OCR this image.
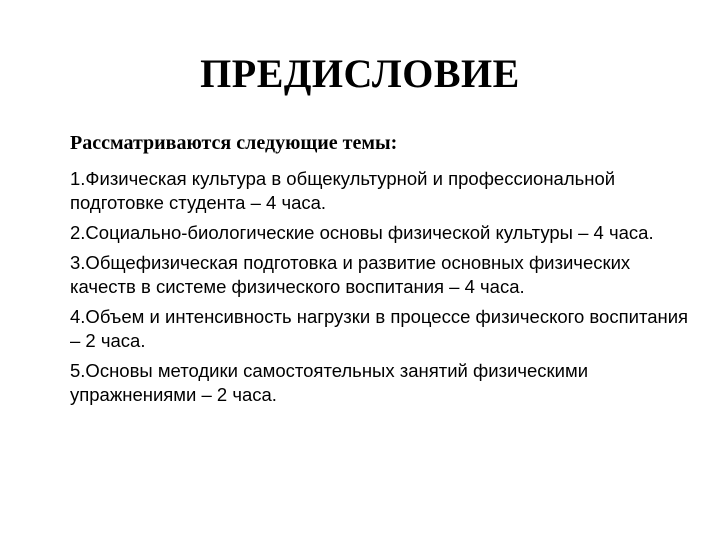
ПРЕДИСЛОВИЕ

Рассматриваются следующие темы:

1.Физическая культура в общекультурной и профессиональной подготовке студента – 4 часа.

2.Социально-биологические основы физической культуры – 4 часа.

3.Общефизическая подготовка и развитие основных физических качеств в системе физического воспитания – 4 часа.

4.Объем и интенсивность нагрузки в процессе физического воспитания – 2 часа.

5.Основы методики самостоятельных занятий физическими упражнениями – 2 часа.
